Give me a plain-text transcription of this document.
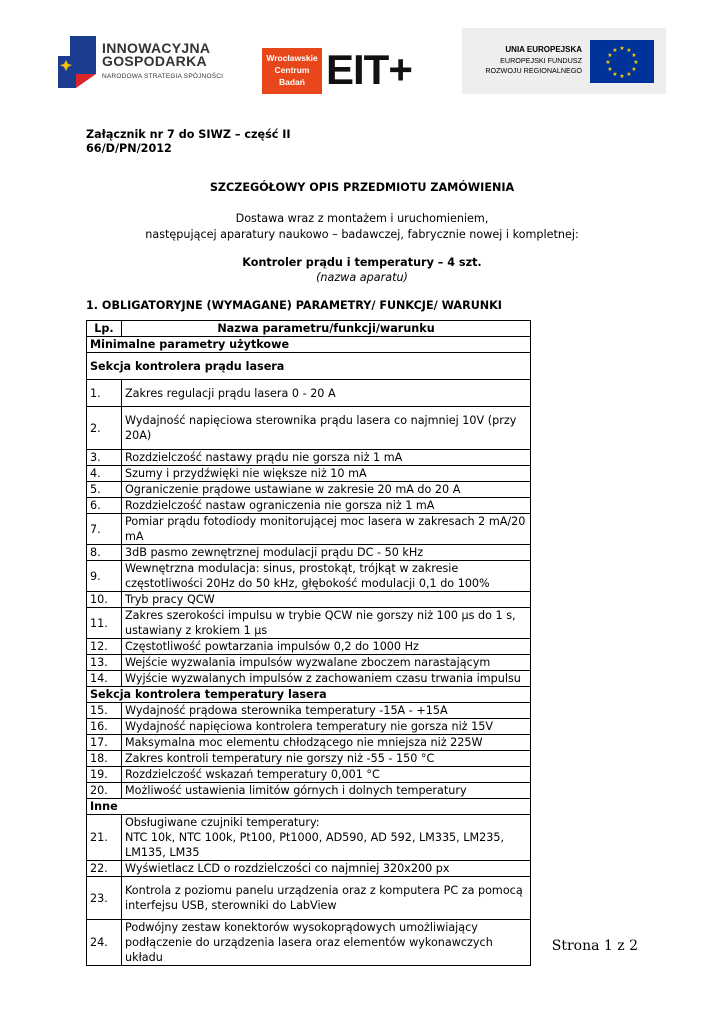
INNOWACYJNA
GOSPODARKA
NARODOWA STRATEGIA SPÓJNOŚCI
Wrocławskie
Centrum
Badań EIT+	UNIA EUROPEJSKA
EUROPEJSKI FUNDUSZ
ROZWOJU REGIONALNEGO
★ ★
★
★
★
★
★
★
★
★
★
★
Załącznik nr 7 do SIWZ – część II
66/D/PN/2012
SZCZEGÓŁOWY OPIS PRZEDMIOTU ZAMÓWIENIA
Dostawa wraz z montażem i uruchomieniem,
następującej aparatury naukowo – badawczej, fabrycznie nowej i kompletnej:
Kontroler prądu i temperatury – 4 szt.
(nazwa aparatu)
1. OBLIGATORYJNE (WYMAGANE) PARAMETRY/ FUNKCJE/ WARUNKI
Lp.	Nazwa parametru/funkcji/warunku
Minimalne parametry użytkowe	
Sekcja kontrolera prądu lasera	
1.	Zakres regulacji prądu lasera 0 - 20 A
2.	Wydajność napięciowa sterownika prądu lasera co najmniej 10V (przy 20A)
3.	Rozdzielczość nastawy prądu nie gorsza niż 1 mA
4.	Szumy i przydźwięki nie większe niż 10 mA
5.	Ograniczenie prądowe ustawiane w zakresie 20 mA do 20 A
6.	Rozdzielczość nastaw ograniczenia nie gorsza niż 1 mA
7.	Pomiar prądu fotodiody monitorującej moc lasera w zakresach 2 mA/20 mA
8.	3dB pasmo zewnętrznej modulacji prądu DC - 50 kHz
9.	Wewnętrzna modulacja: sinus, prostokąt, trójkąt w zakresie częstotliwości 20Hz do 50 kHz, głębokość modulacji 0,1 do 100%
10.	Tryb pracy QCW
11.	Zakres szerokości impulsu w trybie QCW nie gorszy niż 100 µs do 1 s, ustawiany z krokiem 1 µs
12.	Częstotliwość powtarzania impulsów 0,2 do 1000 Hz
13.	Wejście wyzwalania impulsów wyzwalane zboczem narastającym
14.	Wyjście wyzwalanych impulsów z zachowaniem czasu trwania impulsu
Sekcja kontrolera temperatury lasera	
15.	Wydajność prądowa sterownika temperatury -15A - +15A
16.	Wydajność napięciowa kontrolera temperatury nie gorsza niż 15V
17.	Maksymalna moc elementu chłodzącego nie mniejsza niż 225W
18.	Zakres kontroli temperatury nie gorszy niż -55 - 150 °C
19.	Rozdzielczość wskazań temperatury 0,001 °C
20.	Możliwość ustawienia limitów górnych i dolnych temperatury
Inne	
21.	Obsługiwane czujniki temperatury:
NTC 10k, NTC 100k, Pt100, Pt1000, AD590, AD 592, LM335, LM235, LM135, LM35
22.	Wyświetlacz LCD o rozdzielczości co najmniej 320x200 px
23.	Kontrola z poziomu panelu urządzenia oraz z komputera PC za pomocą interfejsu USB, sterowniki do LabView
24.	Podwójny zestaw konektorów wysokoprądowych umożliwiający podłączenie do urządzenia lasera oraz elementów wykonawczych układu
Strona 1 z 2
